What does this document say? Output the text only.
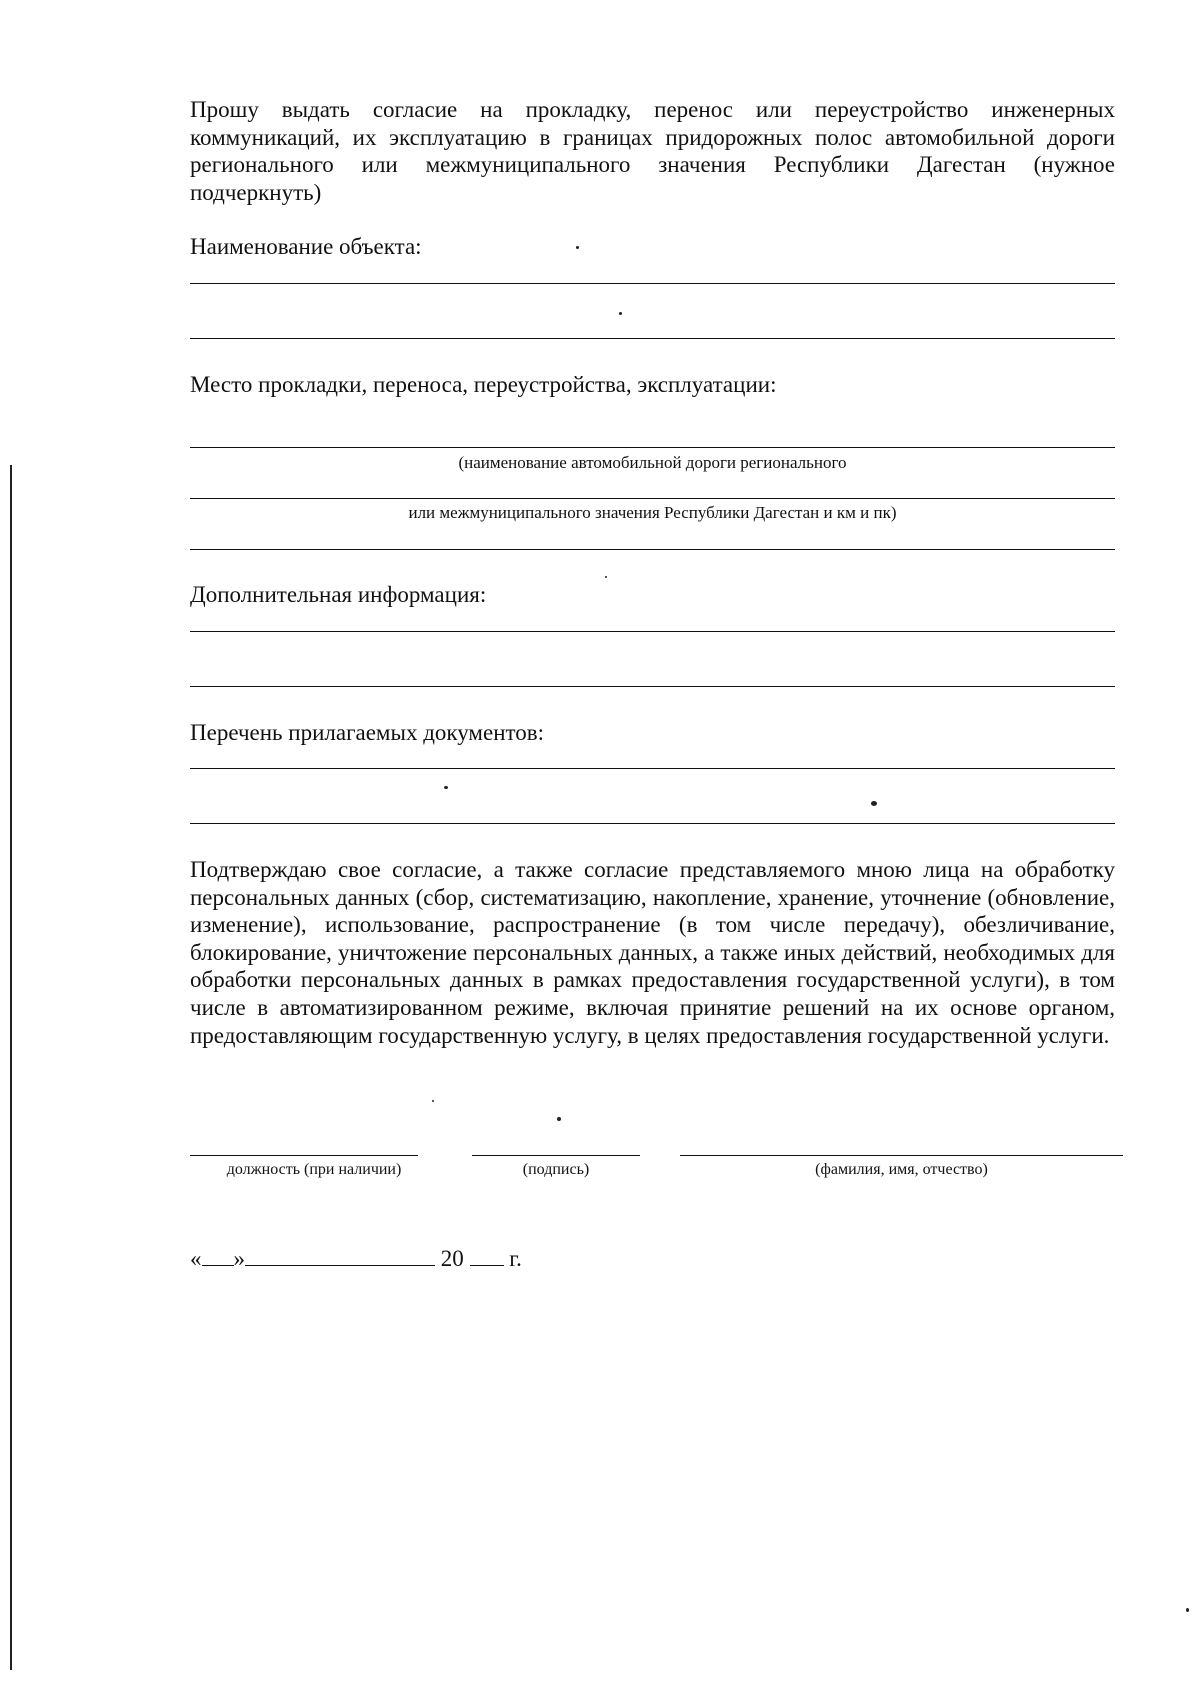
Прошу выдать согласие на прокладку, перенос или переустройство инженерных коммуникаций, их эксплуатацию в границах придорожных полос автомобильной дороги регионального или межмуниципального значения Республики Дагестан (нужное подчеркнуть)

Наименование объекта:

Место прокладки, переноса, переустройства, эксплуатации:

(наименование автомобильной дороги регионального

или межмуниципального значения Республики Дагестан и км и пк)

Дополнительная информация:

Перечень прилагаемых документов:

Подтверждаю свое согласие, а также согласие представляемого мною лица на обработку персональных данных (сбор, систематизацию, накопление, хранение, уточнение (обновление, изменение), использование, распространение (в том числе передачу), обезличивание, блокирование, уничтожение персональных данных, а также иных действий, необходимых для обработки персональных данных в рамках предоставления государственной услуги), в том числе в автоматизированном режиме, включая принятие решений на их основе органом, предоставляющим государственную услугу, в целях предоставления государственной услуги.

должность (при наличии)	(подпись)	(фамилия, имя, отчество)

« »	20 г.
